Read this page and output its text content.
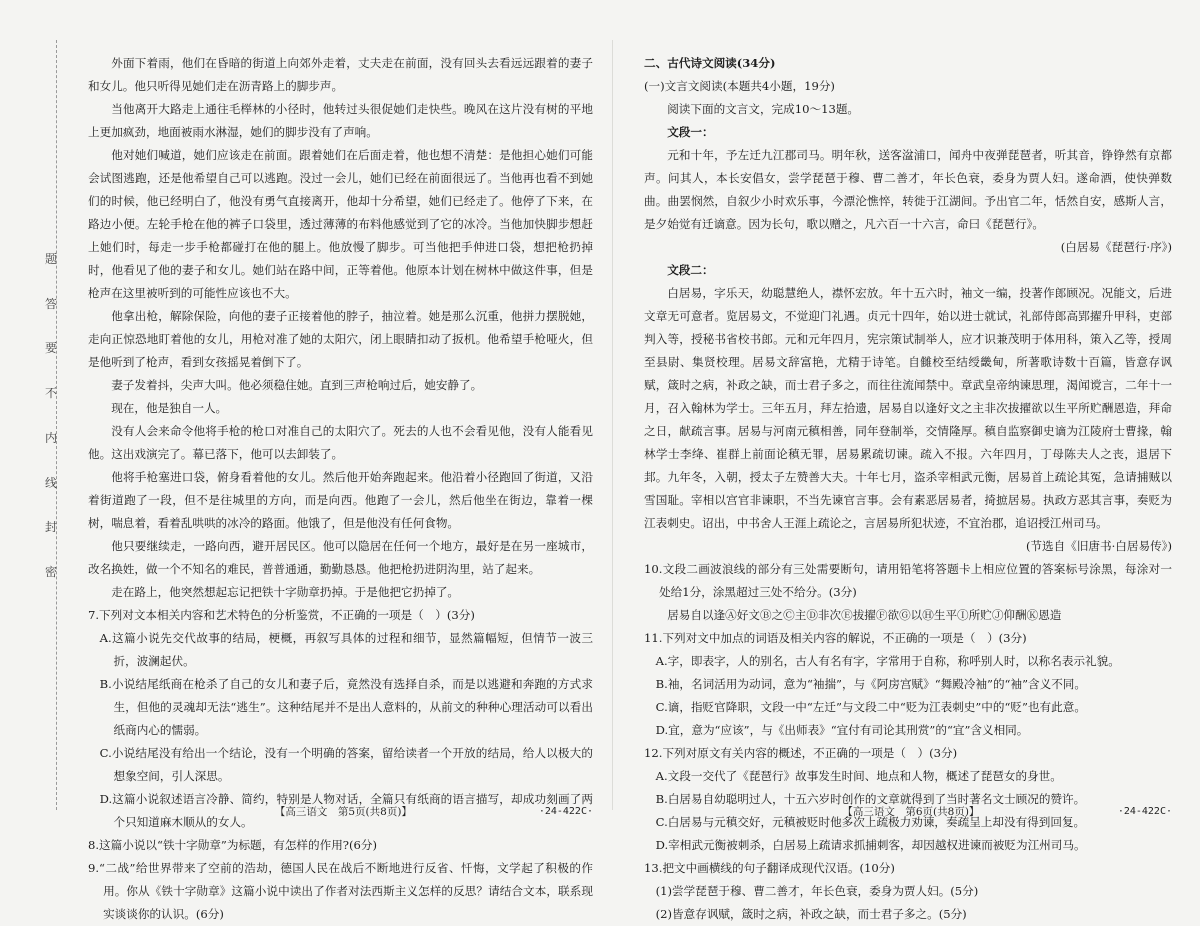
题
答
要
不
内
线
封
密

外面下着雨，他们在昏暗的街道上向郊外走着，丈夫走在前面，没有回头去看远远跟着的妻子和女儿。他只听得见她们走在沥青路上的脚步声。

当他离开大路走上通往毛榉林的小径时，他转过头很促她们走快些。晚风在这片没有树的平地上更加疯劲，地面被雨水淋湿，她们的脚步没有了声响。

他对她们喊道，她们应该走在前面。跟着她们在后面走着，他也想不清楚：是他担心她们可能会试图逃跑，还是他希望自己可以逃跑。没过一会儿，她们已经在前面很远了。当他再也看不到她们的时候，他已经明白了，他没有勇气直接离开，他却十分希望，她们已经走了。他停了下来，在路边小便。左轮手枪在他的裤子口袋里，透过薄薄的布料他感觉到了它的冰冷。当他加快脚步想赶上她们时，每走一步手枪都碰打在他的腿上。他放慢了脚步。可当他把手伸进口袋，想把枪扔掉时，他看见了他的妻子和女儿。她们站在路中间，正等着他。他原本计划在树林中做这件事，但是枪声在这里被听到的可能性应该也不大。

他拿出枪，解除保险，向他的妻子正接着他的脖子，抽泣着。她是那么沉重，他拼力摆脱她，走向正惊恐地盯着他的女儿，用枪对准了她的太阳穴，闭上眼睛扣动了扳机。他希望手枪哑火，但是他听到了枪声，看到女孩摇晃着倒下了。

妻子发着抖，尖声大叫。他必须稳住她。直到三声枪响过后，她安静了。

现在，他是独自一人。

没有人会来命令他将手枪的枪口对准自己的太阳穴了。死去的人也不会看见他，没有人能看见他。这出戏演完了。幕已落下，他可以去卸装了。

他将手枪塞进口袋，俯身看着他的女儿。然后他开始奔跑起来。他沿着小径跑回了街道，又沿着街道跑了一段，但不是往城里的方向，而是向西。他跑了一会儿，然后他坐在街边，靠着一棵树，喘息着，看着乱哄哄的冰冷的路面。他饿了，但是他没有任何食物。

他只要继续走，一路向西，避开居民区。他可以隐居在任何一个地方，最好是在另一座城市，改名换姓，做一个不知名的难民，普普通通，勤勤恳恳。他把枪扔进阴沟里，站了起来。

走在路上，他突然想起忘记把铁十字勋章扔掉。于是他把它扔掉了。

7.下列对文本相关内容和艺术特色的分析鉴赏，不正确的一项是（　）(3分)

A.这篇小说先交代故事的结局，梗概，再叙写具体的过程和细节，显然篇幅短，但情节一波三折，波澜起伏。

B.小说结尾纸商在枪杀了自己的女儿和妻子后，竟然没有选择自杀，而是以逃避和奔跑的方式求生，但他的灵魂却无法“逃生”。这种结尾并不是出人意料的，从前文的种种心理活动可以看出纸商内心的懦弱。

C.小说结尾没有给出一个结论，没有一个明确的答案，留给读者一个开放的结局，给人以极大的想象空间，引人深思。

D.这篇小说叙述语言冷静、简约，特别是人物对话，全篇只有纸商的语言描写，却成功刻画了两个只知道麻木顺从的女人。

8.这篇小说以“铁十字勋章”为标题，有怎样的作用?(6分)

9.“二战”给世界带来了空前的浩劫，德国人民在战后不断地进行反省、忏悔，文学起了积极的作用。你从《铁十字勋章》这篇小说中读出了作者对法西斯主义怎样的反思？请结合文本，联系现实谈谈你的认识。(6分)

二、古代诗文阅读(34分)

(一)文言文阅读(本题共4小题，19分)

阅读下面的文言文，完成10～13题。

文段一：

元和十年，予左迁九江郡司马。明年秋，送客湓浦口，闻舟中夜弹琵琶者，听其音，铮铮然有京都声。问其人，本长安倡女，尝学琵琶于穆、曹二善才，年长色衰，委身为贾人妇。遂命酒，使快弹数曲。曲罢悯然，自叙少小时欢乐事，今漂沦憔悴，转徙于江湖间。予出官二年，恬然自安，感斯人言，是夕始觉有迁谪意。因为长句，歌以赠之，凡六百一十六言，命曰《琵琶行》。

(白居易《琵琶行·序》)

文段二：

白居易，字乐天，幼聪慧绝人，襟怀宏放。年十五六时，袖文一编，投著作郎顾况。况能文，后进文章无可意者。览居易文，不觉迎门礼遇。贞元十四年，始以进士就试，礼部侍郎高郢擢升甲科，吏部判入等，授秘书省校书郎。元和元年四月，宪宗策试制举人，应才识兼茂明于体用科，策入乙等，授周至县尉、集贤校理。居易文辞富艳，尤精于诗笔。自雠校至结绶畿甸，所著歌诗数十百篇，皆意存讽赋，箴时之病，补政之缺，而士君子多之，而往往流闻禁中。章武皇帝纳谏思理，渴闻谠言，二年十一月，召入翰林为学士。三年五月，拜左拾遗，居易自以逢好文之主非次拔擢欲以生平所贮酬恩造，拜命之日，献疏言事。居易与河南元稹相善，同年登制举，交情隆厚。稹自监察御史谪为江陵府士曹掾，翰林学士李绛、崔群上前面论稹无罪，居易累疏切谏。疏入不报。六年四月，丁母陈夫人之丧，退居下邽。九年冬，入朝，授太子左赞善大夫。十年七月，盗杀宰相武元衡，居易首上疏论其冤，急请捕贼以雪国耻。宰相以宫官非谏职，不当先谏官言事。会有素恶居易者，掎摭居易。执政方恶其言事，奏贬为江表刺史。诏出，中书舍人王涯上疏论之，言居易所犯状迹，不宜治郡，追诏授江州司马。

(节选自《旧唐书·白居易传》)

10.文段二画波浪线的部分有三处需要断句，请用铅笔将答题卡上相应位置的答案标号涂黑，每涂对一处给1分，涂黑超过三处不给分。(3分)

居易自以逢Ⓐ好文Ⓑ之Ⓒ主Ⓓ非次Ⓔ拔擢Ⓕ欲Ⓖ以Ⓗ生平Ⓘ所贮Ⓙ仰酬Ⓚ恩造

11.下列对文中加点的词语及相关内容的解说，不正确的一项是（　）(3分)

A.字，即表字，人的别名，古人有名有字，字常用于自称，称呼别人时，以称名表示礼貌。

B.袖，名词活用为动词，意为“袖揣”，与《阿房宫赋》“舞殿冷袖”的“袖”含义不同。

C.谪，指贬官降职，文段一中“左迁”与文段二中“贬为江表刺史”中的“贬”也有此意。

D.宜，意为“应该”，与《出师表》“宜付有司论其刑赏”的“宜”含义相同。

12.下列对原文有关内容的概述，不正确的一项是（　）(3分)

A.文段一交代了《琵琶行》故事发生时间、地点和人物，概述了琵琶女的身世。

B.白居易自幼聪明过人，十五六岁时创作的文章就得到了当时著名文士顾况的赞许。

C.白居易与元稹交好，元稹被贬时他多次上疏极力劝谏，奏疏呈上却没有得到回复。

D.宰相武元衡被刺杀，白居易上疏请求抓捕刺客，却因越权进谏而被贬为江州司马。

13.把文中画横线的句子翻译成现代汉语。(10分)

(1)尝学琵琶于穆、曹二善才，年长色衰，委身为贾人妇。(5分)

(2)皆意存讽赋，箴时之病，补政之缺，而士君子多之。(5分)

【高三语文　第5页(共8页)】	·24-422C·	【高三语文　第6页(共8页)】	·24-422C·
